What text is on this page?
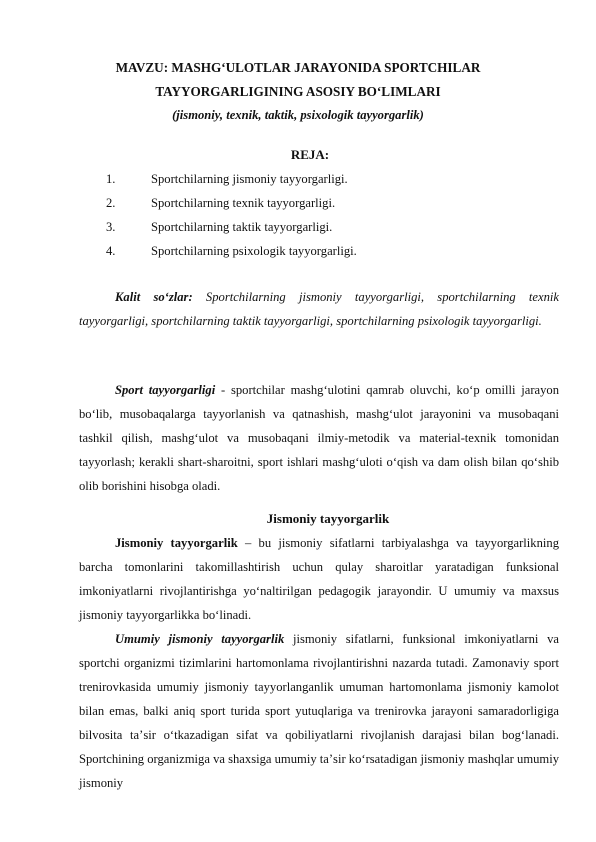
MAVZU: MASHGʻULOTLAR JARAYONIDA SPORTCHILAR
TAYYORGARLIGINING ASOSIY BOʻLIMLARI
(jismoniy, texnik, taktik, psixologik tayyorgarlik)
REJA:
1.	Sportchilarning jismoniy tayyorgarligi.
2.	Sportchilarning texnik tayyorgarligi.
3.	Sportchilarning taktik tayyorgarligi.
4.	Sportchilarning psixologik tayyorgarligi.
Kalit soʻzlar: Sportchilarning jismoniy tayyorgarligi, sportchilarning texnik tayyorgarligi, sportchilarning taktik tayyorgarligi, sportchilarning psixologik tayyorgarligi.
Sport tayyorgarligi - sportchilar mashgʻulotini qamrab oluvchi, koʻp omilli jarayon boʻlib, musobaqalarga tayyorlanish va qatnashish, mashgʻulot jarayonini va musobaqani tashkil qilish, mashgʻulot va musobaqani ilmiy-metodik va material-texnik tomonidan tayyorlash; kerakli shart-sharoitni, sport ishlari mashgʻuloti oʻqish va dam olish bilan qoʻshib olib borishini hisobga oladi.
Jismoniy tayyorgarlik
Jismoniy tayyorgarlik – bu jismoniy sifatlarni tarbiyalashga va tayyorgarlikning barcha tomonlarini takomillashtirish uchun qulay sharoitlar yaratadigan funksional imkoniyatlarni rivojlantirishga yoʻnaltirilgan pedagogik jarayondir. U umumiy va maxsus jismoniy tayyorgarlikka boʻlinadi.
Umumiy jismoniy tayyorgarlik jismoniy sifatlarni, funksional imkoniyatlarni va sportchi organizmi tizimlarini hartomonlama rivojlantirishni nazarda tutadi. Zamonaviy sport trenirovkasida umumiy jismoniy tayyorlanganlik umuman hartomonlama jismoniy kamolot bilan emas, balki aniq sport turida sport yutuqlariga va trenirovka jarayoni samaradorligiga bilvosita taʼsir oʻtkazadigan sifat va qobiliyatlarni rivojlanish darajasi bilan bogʻlanadi. Sportchining organizmiga va shaxsiga umumiy taʼsir koʻrsatadigan jismoniy mashqlar umumiy jismoniy
